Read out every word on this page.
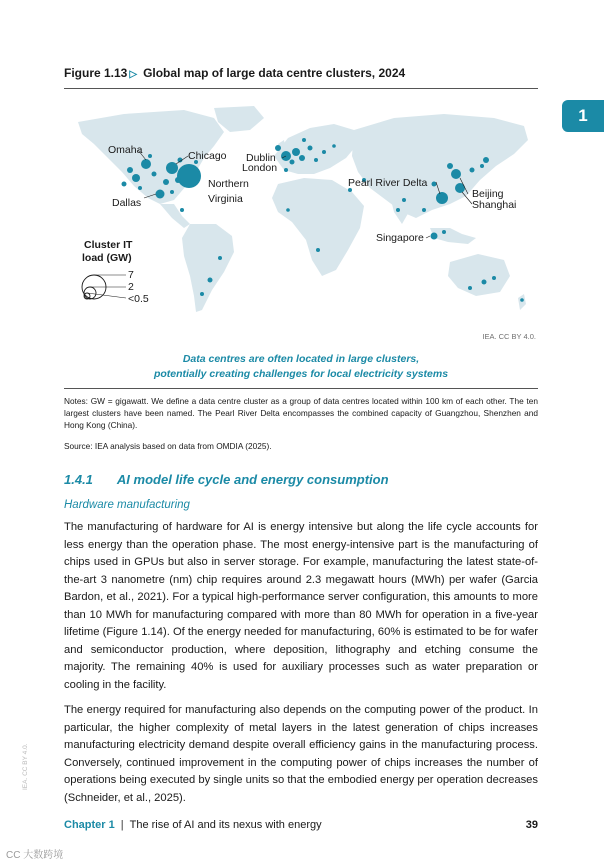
Figure 1.13 ▷ Global map of large data centre clusters, 2024
1
Omaha	Chicago
Northern
Virginia
Dallas
Dublin
London
Pearl River Delta
Beijing
Shanghai
Singapore
Cluster IT
load (GW)
7
2
<0.5
IEA. CC BY 4.0.
Data centres are often located in large clusters,
potentially creating challenges for local electricity systems
Notes: GW = gigawatt. We define a data centre cluster as a group of data centres located within 100 km of each other. The ten largest clusters have been named. The Pearl River Delta encompasses the combined capacity of Guangzhou, Shenzhen and Hong Kong (China).
Source: IEA analysis based on data from OMDIA (2025).
1.4.1 AI model life cycle and energy consumption
Hardware manufacturing
The manufacturing of hardware for AI is energy intensive but along the life cycle accounts for less energy than the operation phase. The most energy-intensive part is the manufacturing of chips used in GPUs but also in server storage. For example, manufacturing the latest state-of-the-art 3 nanometre (nm) chip requires around 2.3 megawatt hours (MWh) per wafer (Garcia Bardon, et al., 2021). For a typical high-performance server configuration, this amounts to more than 10 MWh for manufacturing compared with more than 80 MWh for operation in a five-year lifetime (Figure 1.14). Of the energy needed for manufacturing, 60% is estimated to be for wafer and semiconductor production, where deposition, lithography and etching consume the majority. The remaining 40% is used for auxiliary processes such as water preparation or cooling in the facility.
The energy required for manufacturing also depends on the computing power of the product. In particular, the higher complexity of metal layers in the latest generation of chips increases manufacturing electricity demand despite overall efficiency gains in the manufacturing process. Conversely, continued improvement in the computing power of chips increases the number of operations being executed by single units so that the embodied energy per operation decreases (Schneider, et al., 2025).
Chapter 1 | The rise of AI and its nexus with energy	39
IEA. CC BY 4.0.
CC 大数跨境
